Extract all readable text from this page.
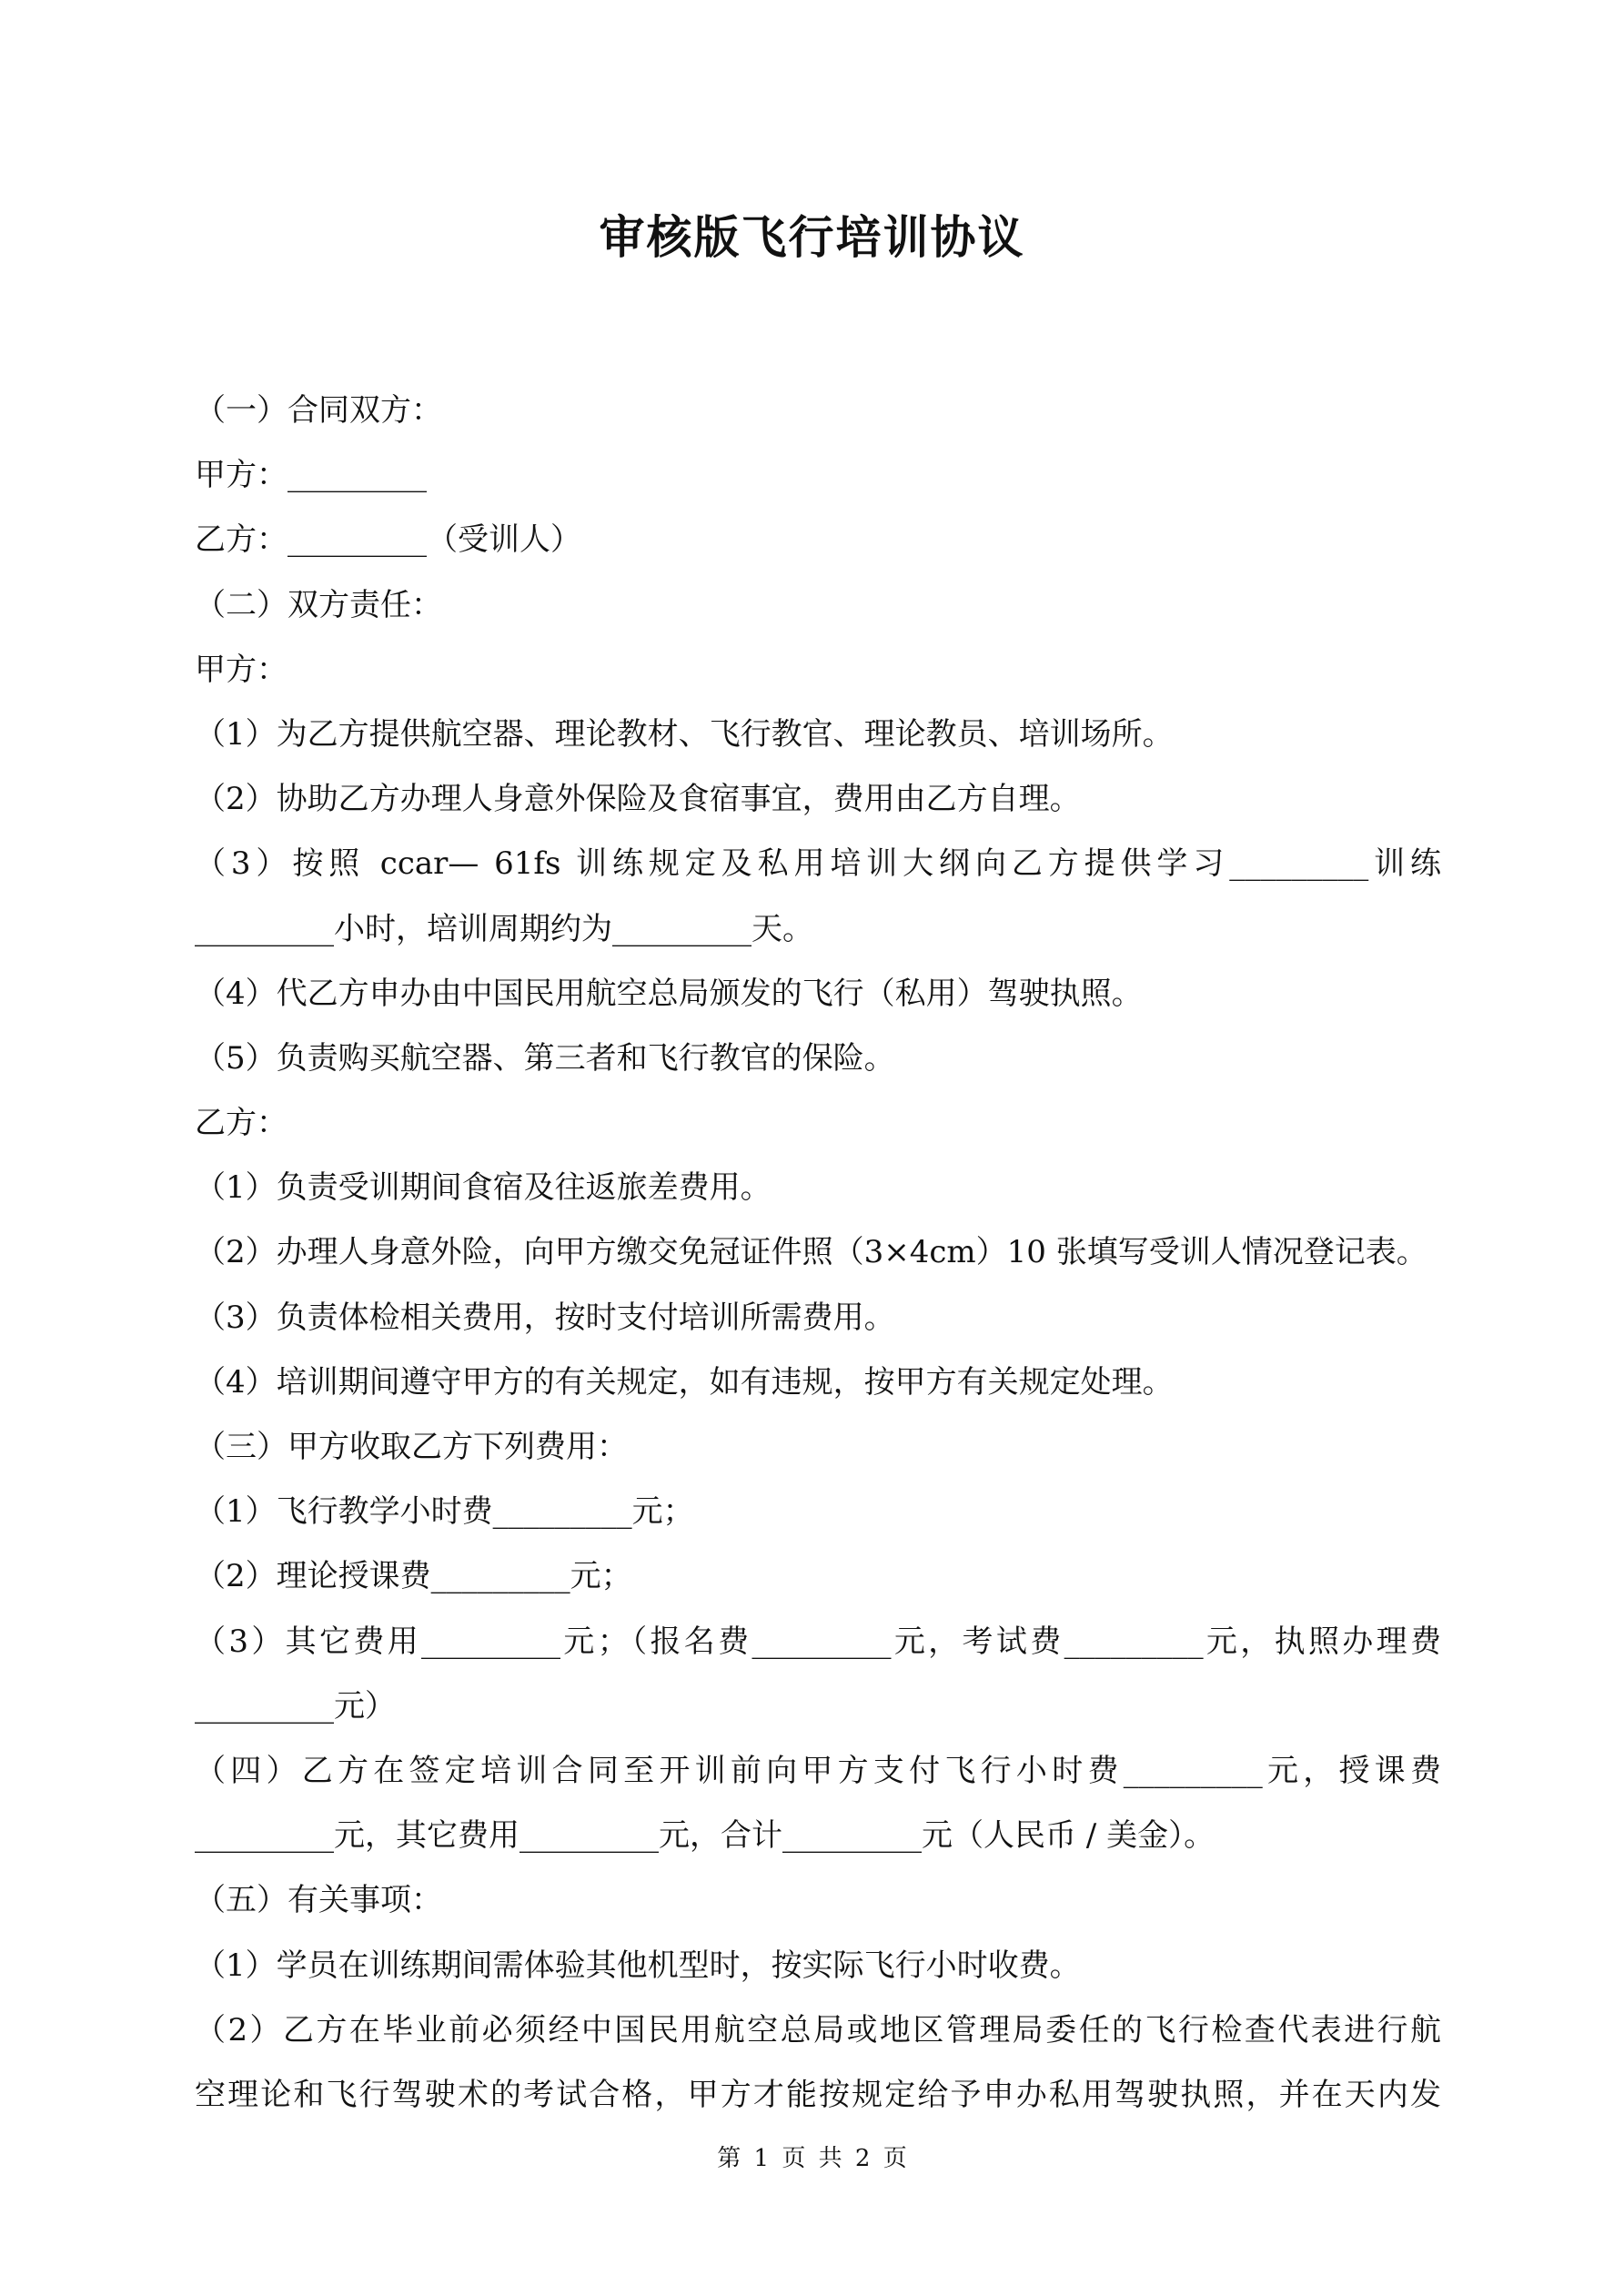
审核版飞行培训协议
（一）合同双方：
甲方：_________
乙方：_________（受训人）
（二）双方责任：
甲方：
（1）为乙方提供航空器、理论教材、飞行教官、理论教员、培训场所。
（2）协助乙方办理人身意外保险及食宿事宜，费用由乙方自理。
（3）按照 ccar— 61fs 训练规定及私用培训大纲向乙方提供学习_________训练
_________小时，培训周期约为_________天。
（4）代乙方申办由中国民用航空总局颁发的飞行（私用）驾驶执照。
（5）负责购买航空器、第三者和飞行教官的保险。
乙方：
（1）负责受训期间食宿及往返旅差费用。
（2）办理人身意外险，向甲方缴交免冠证件照（3×4cm）10 张填写受训人情况登记表。
（3）负责体检相关费用，按时支付培训所需费用。
（4）培训期间遵守甲方的有关规定，如有违规，按甲方有关规定处理。
（三）甲方收取乙方下列费用：
（1）飞行教学小时费_________元；
（2）理论授课费_________元；
（3）其它费用_________元；（报名费_________元，考试费_________元，执照办理费
_________元）
（四）乙方在签定培训合同至开训前向甲方支付飞行小时费_________元，授课费
_________元，其它费用_________元，合计_________元（人民币 / 美金）。
（五）有关事项：
（1）学员在训练期间需体验其他机型时，按实际飞行小时收费。
（2）乙方在毕业前必须经中国民用航空总局或地区管理局委任的飞行检查代表进行航
空理论和飞行驾驶术的考试合格，甲方才能按规定给予申办私用驾驶执照，并在天内发
第 1 页 共 2 页
